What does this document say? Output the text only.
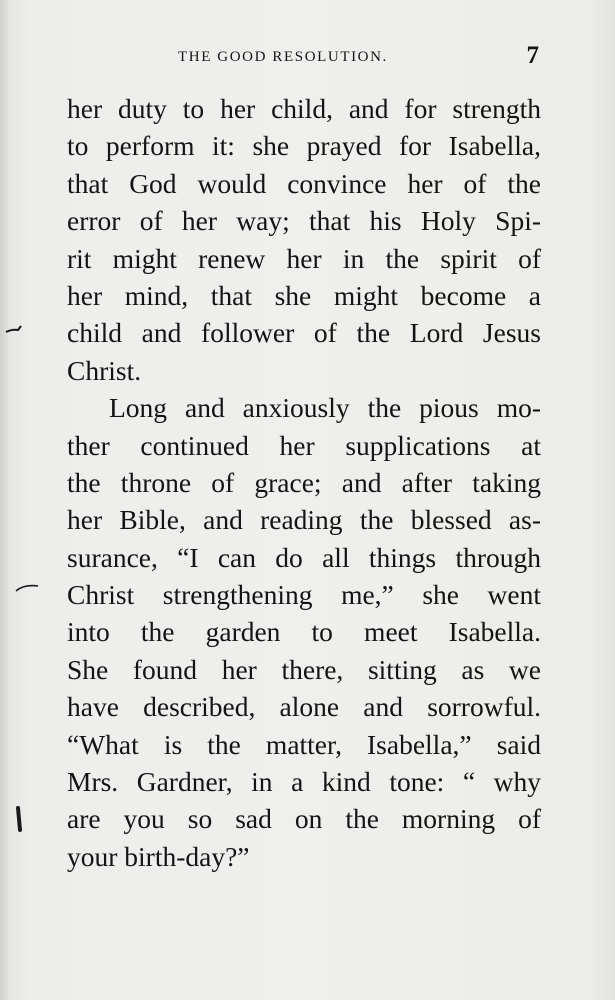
THE GOOD RESOLUTION.	7
her duty to her child, and for strength
to perform it: she prayed for Isabella,
that God would convince her of the
error of her way; that his Holy Spi-
rit might renew her in the spirit of
her mind, that she might become a
child and follower of the Lord Jesus
Christ.
Long and anxiously the pious mo-
ther continued her supplications at
the throne of grace; and after taking
her Bible, and reading the blessed as-
surance, “I can do all things through
Christ strengthening me,” she went
into the garden to meet Isabella.
She found her there, sitting as we
have described, alone and sorrowful.
“What is the matter, Isabella,” said
Mrs. Gardner, in a kind tone: “ why
are you so sad on the morning of
your birth-day?”
